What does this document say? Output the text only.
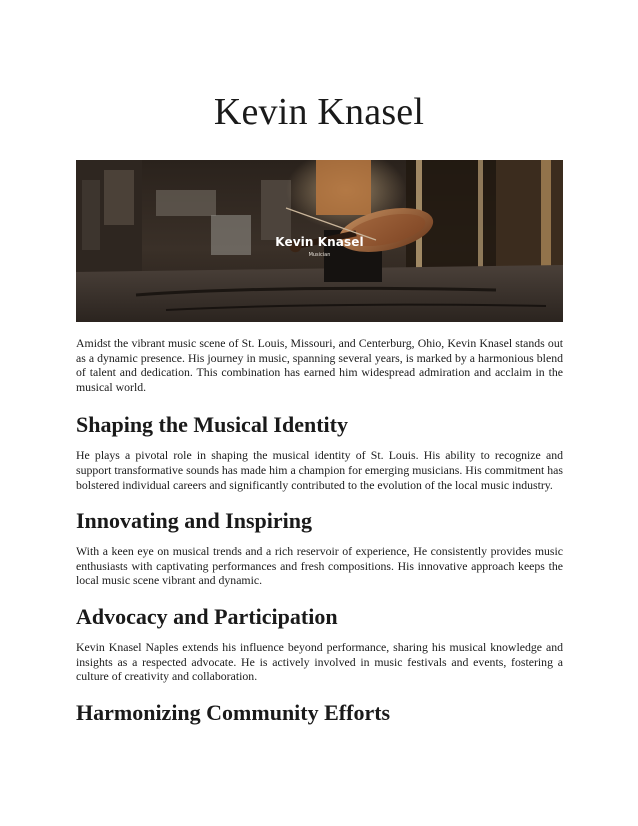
Kevin Knasel
Kevin Knasel
Musician

Amidst the vibrant music scene of St. Louis, Missouri, and Centerburg, Ohio, Kevin Knasel stands out as a dynamic presence. His journey in music, spanning several years, is marked by a harmonious blend of talent and dedication. This combination has earned him widespread admiration and acclaim in the musical world.

Shaping the Musical Identity

He plays a pivotal role in shaping the musical identity of St. Louis. His ability to recognize and support transformative sounds has made him a champion for emerging musicians. His commitment has bolstered individual careers and significantly contributed to the evolution of the local music industry.

Innovating and Inspiring

With a keen eye on musical trends and a rich reservoir of experience, He consistently provides music enthusiasts with captivating performances and fresh compositions. His innovative approach keeps the local music scene vibrant and dynamic.

Advocacy and Participation

Kevin Knasel Naples extends his influence beyond performance, sharing his musical knowledge and insights as a respected advocate. He is actively involved in music festivals and events, fostering a culture of creativity and collaboration.

Harmonizing Community Efforts
